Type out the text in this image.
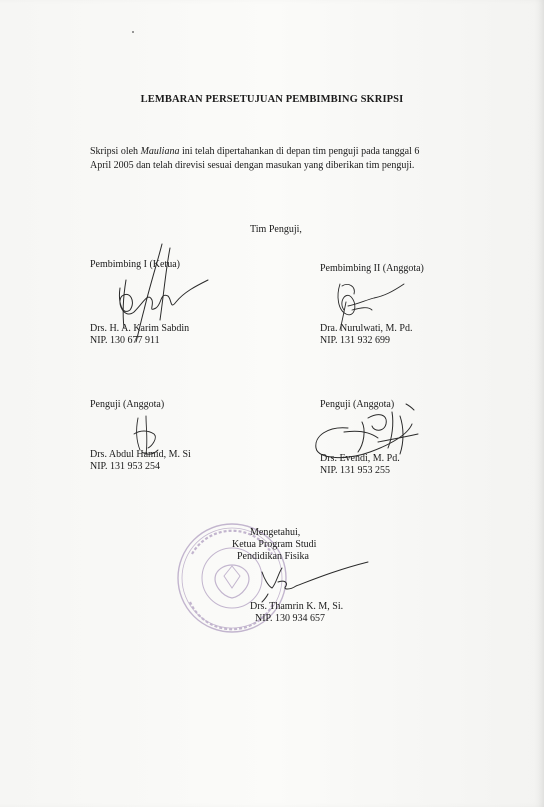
LEMBARAN PERSETUJUAN PEMBIMBING SKRIPSI
Skripsi oleh Mauliana ini telah dipertahankan di depan tim penguji pada tanggal 6
April 2005 dan telah direvisi sesuai dengan masukan yang diberikan tim penguji.
Tim Penguji,
Pembimbing I (Ketua)
Drs. H. A. Karim Sabdin
NIP. 130 677 911
Pembimbing II (Anggota)
Dra. Nurulwati, M. Pd.
NIP. 131 932 699
Penguji (Anggota)
Drs. Abdul Hamid, M. Si
NIP. 131 953 254
Penguji (Anggota)
Drs. Evendi, M. Pd.
NIP. 131 953 255
Mengetahui,
Ketua Program Studi
Pendidikan Fisika
Drs. Thamrin K. M, Si.
NIP. 130 934 657
